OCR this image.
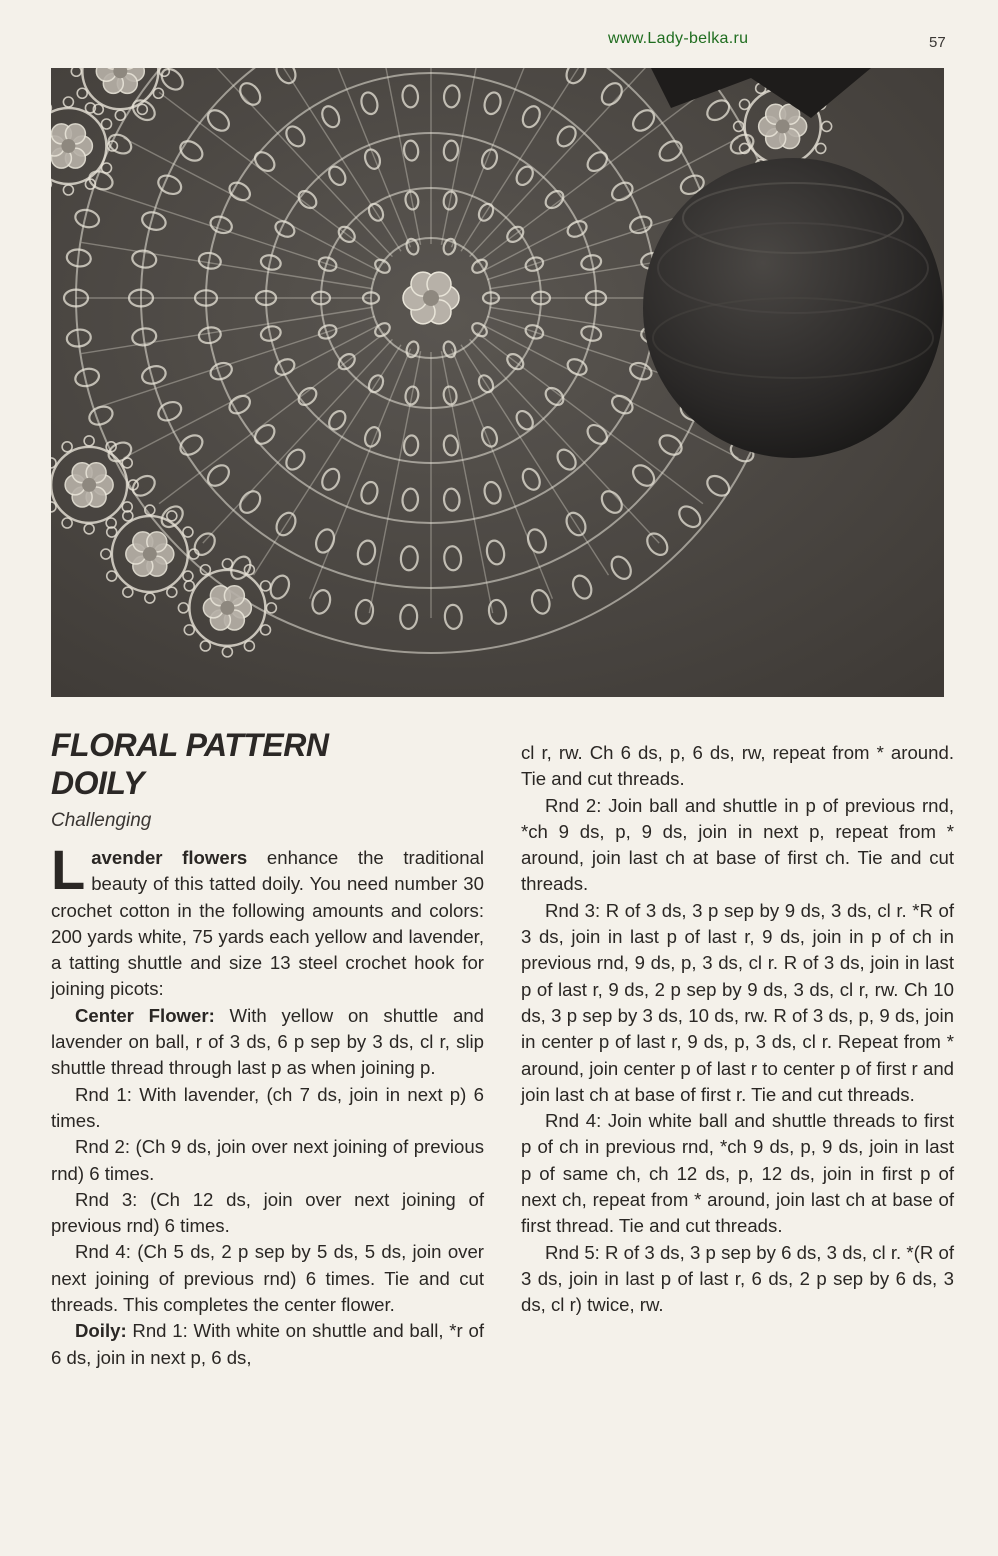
www.Lady-belka.ru	57
FLORAL PATTERN
DOILY
Challenging

Lavender flowers enhance the traditional beauty of this tatted doily. You need number 30 crochet cotton in the following amounts and colors: 200 yards white, 75 yards each yellow and lavender, a tatting shuttle and size 13 steel crochet hook for joining picots:

Center Flower: With yellow on shuttle and lavender on ball, r of 3 ds, 6 p sep by 3 ds, cl r, slip shuttle thread through last p as when joining p.

Rnd 1: With lavender, (ch 7 ds, join in next p) 6 times.

Rnd 2: (Ch 9 ds, join over next joining of previous rnd) 6 times.

Rnd 3: (Ch 12 ds, join over next joining of previous rnd) 6 times.

Rnd 4: (Ch 5 ds, 2 p sep by 5 ds, 5 ds, join over next joining of previous rnd) 6 times. Tie and cut threads. This completes the center flower.

Doily: Rnd 1: With white on shuttle and ball, *r of 6 ds, join in next p, 6 ds,

cl r, rw. Ch 6 ds, p, 6 ds, rw, repeat from * around. Tie and cut threads.

Rnd 2: Join ball and shuttle in p of previous rnd, *ch 9 ds, p, 9 ds, join in next p, repeat from * around, join last ch at base of first ch. Tie and cut threads.

Rnd 3: R of 3 ds, 3 p sep by 9 ds, 3 ds, cl r. *R of 3 ds, join in last p of last r, 9 ds, join in p of ch in previous rnd, 9 ds, p, 3 ds, cl r. R of 3 ds, join in last p of last r, 9 ds, 2 p sep by 9 ds, 3 ds, cl r, rw. Ch 10 ds, 3 p sep by 3 ds, 10 ds, rw. R of 3 ds, p, 9 ds, join in center p of last r, 9 ds, p, 3 ds, cl r. Repeat from * around, join center p of last r to center p of first r and join last ch at base of first r. Tie and cut threads.

Rnd 4: Join white ball and shuttle threads to first p of ch in previous rnd, *ch 9 ds, p, 9 ds, join in last p of same ch, ch 12 ds, p, 12 ds, join in first p of next ch, repeat from * around, join last ch at base of first thread. Tie and cut threads.

Rnd 5: R of 3 ds, 3 p sep by 6 ds, 3 ds, cl r. *(R of 3 ds, join in last p of last r, 6 ds, 2 p sep by 6 ds, 3 ds, cl r) twice, rw.
